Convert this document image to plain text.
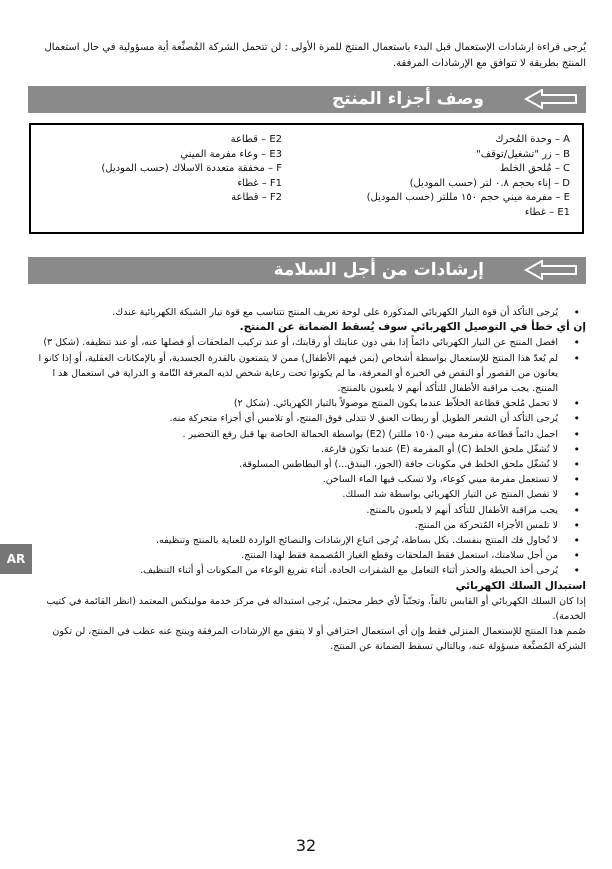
يُرجى قراءة ارشادات الإستعمال قبل البدء باستعمال المنتج للمرة الأولى : لن تتحمل الشركة المُصنِّعة أية مسؤولية في حال استعمال المنتج بطريقة لا تتوافق مع الإرشادات المرفقة.
وصف أجزاء المنتج
A – وحدة المُحرك
B – زر "تشغيل/توقف"
C – مُلحق الخلط
D – إناء بحجم ٠.٨ لتر (حسب الموديل)
E – مفرمة ميني حجم ١٥٠ مللتر (حسب الموديل)
E1 – غطاء
E2 – قطاعة
E3 – وعاء مفرمة الميني
F – مخفقة متعددة الاسلاك (حسب الموديل)
F1 – غطاء
F2 – قطاعة
إرشادات من أجل السلامة
• يُرجى التأكد أن قوة التيار الكهربائي المذكورة على لوحة تعريف المنتج تتناسب مع قوة تيار الشبكة الكهربائية عندك.
إن أي خطأ في التوصيل الكهربائي سوف يُسقط الضمانة عن المنتج.
• افصل المنتج عن التيار الكهربائي دائماً إذا بقي دون عنايتك أو رقابتك، أو عند تركيب الملحقات أو فصلها عنه، أو عند تنظيفه. (شكل ٣)
• لم يُعدّ هذا المنتج للإستعمال بواسطة أشخاص (بمن فيهم الأطفال) ممن لا يتمتعون بالقدرة الجسدية، أو بالإمكانات العقلية، أو إذا كانو ا يعانون من القصور أو النقص في الخبرة أو المعرفة، ما لم يكونوا تحت رعاية شخص لديه المعرفة التّامة و الدراية في استعمال هذ ا المنتج. يجب مراقبة الأطفال للتأكد أنهم لا يلعبون بالمنتج.
• لا تحمل مُلحق قطاعة الخلاّط عندما يكون المنتج موصولاً بالتيار الكهربائي. (شكل ٢)
• يُرجى التأكد أن الشعر الطويل أو ربطات العنق لا تتدلى فوق المنتج، أو تلامس أي أجزاء متحركة منه.
• احمل دائماً قطاعة مفرمة ميني (١٥٠ مللتر) (E2) بواسطة الحمالة الخاصة بها قبل رفع التحضير .
• لا تُشغّل ملحق الخلط (C) أو المفرمة (E) عندما تكون فارغة.
• لا تُشغّل ملحق الخلط في مكونات جافة (الجوز، البندق...) أو البطاطس المسلوقة.
• لا تستعمل مفرمة ميني كوعاء، ولا تسكب فيها الماء الساخن.
• لا تفصل المنتج عن التيار الكهربائي بواسطة شد السلك.
• يجب مراقبة الأطفال للتأكد أنهم لا يلعبون بالمنتج.
• لا تلمس الأجزاء المُتحركة من المنتج.
• لا تُحاول فك المنتج بنفسك. بكل بساطة، يُرجى اتباع الإرشادات والنصائح الواردة للعناية بالمنتج وتنظيفه.
• من أجل سلامتك، استعمل فقط الملحقات وقطع الغيار المُصممة فقط لهذا المنتج.
• يُرجى أخذ الحيطة والحذر أثناء التعامل مع الشفرات الحادة، أثناء تفريغ الوعاء من المكونات أو أثناء التنظيف.
استبدال السلك الكهربائي
إذا كان السلك الكهربائي أو القابس تالفاً، وتجنّباً لأي خطر محتمل، يُرجى استبداله في مركز خدمة مولينكس المعتمد (انظر القائمة في كتيب الخدمة).
صُمم هذا المنتج للإستعمال المنزلي فقط وإن أي استعمال احترافي أو لا يتفق مع الإرشادات المرفقة وينتج عنه عطب في المنتج، لن تكون الشركة المُصنِّعة مسؤولة عنه، وبالتالي تسقط الضمانة عن المنتج.
AR
32
